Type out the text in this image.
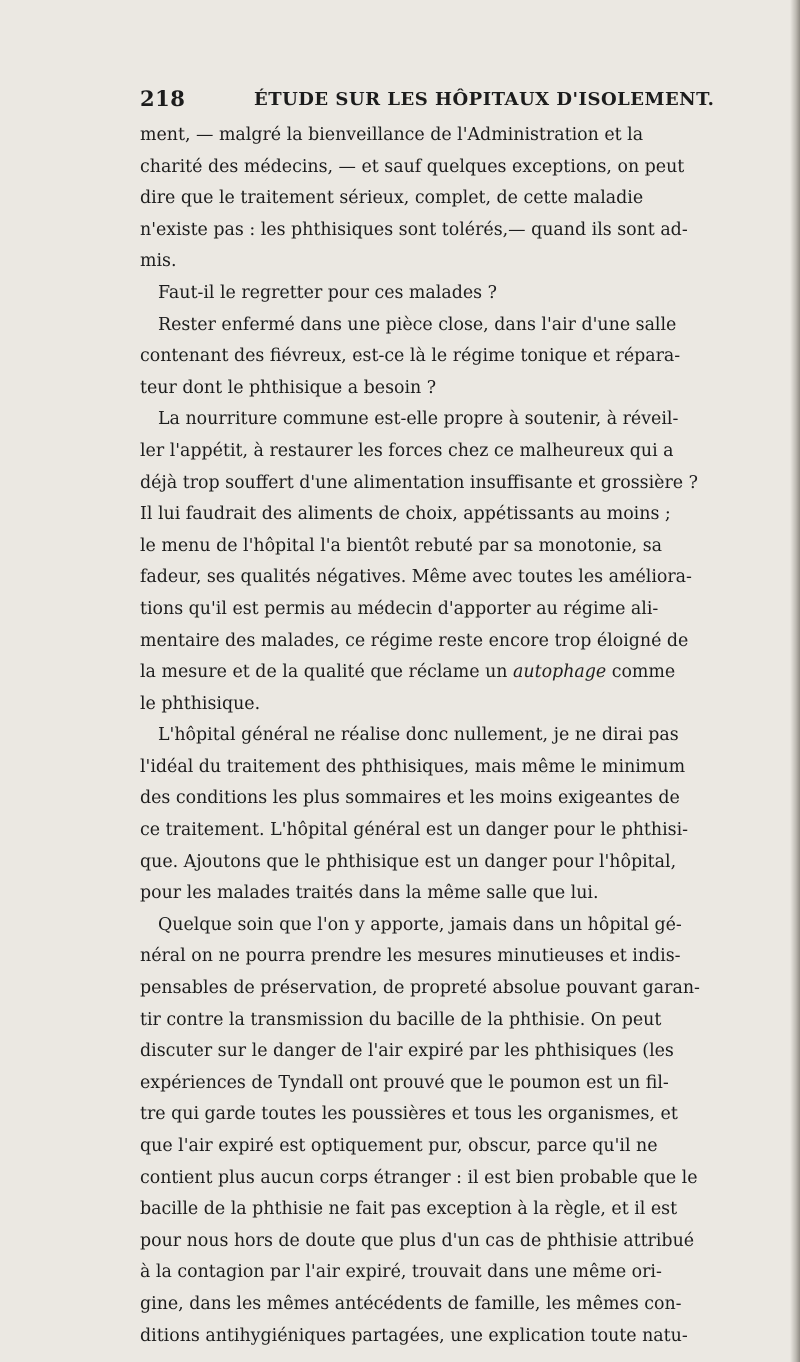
218	ÉTUDE SUR LES HÔPITAUX D'ISOLEMENT.
ment, — malgré la bienveillance de l'Administration et la
charité des médecins, — et sauf quelques exceptions, on peut
dire que le traitement sérieux, complet, de cette maladie
n'existe pas : les phthisiques sont tolérés,— quand ils sont ad-
mis.
Faut-il le regretter pour ces malades ?
Rester enfermé dans une pièce close, dans l'air d'une salle
contenant des fiévreux, est-ce là le régime tonique et répara-
teur dont le phthisique a besoin ?
La nourriture commune est-elle propre à soutenir, à réveil-
ler l'appétit, à restaurer les forces chez ce malheureux qui a
déjà trop souffert d'une alimentation insuffisante et grossière ?
Il lui faudrait des aliments de choix, appétissants au moins ;
le menu de l'hôpital l'a bientôt rebuté par sa monotonie, sa
fadeur, ses qualités négatives. Même avec toutes les améliora-
tions qu'il est permis au médecin d'apporter au régime ali-
mentaire des malades, ce régime reste encore trop éloigné de
la mesure et de la qualité que réclame un autophage comme
le phthisique.
L'hôpital général ne réalise donc nullement, je ne dirai pas
l'idéal du traitement des phthisiques, mais même le minimum
des conditions les plus sommaires et les moins exigeantes de
ce traitement. L'hôpital général est un danger pour le phthisi-
que. Ajoutons que le phthisique est un danger pour l'hôpital,
pour les malades traités dans la même salle que lui.
Quelque soin que l'on y apporte, jamais dans un hôpital gé-
néral on ne pourra prendre les mesures minutieuses et indis-
pensables de préservation, de propreté absolue pouvant garan-
tir contre la transmission du bacille de la phthisie. On peut
discuter sur le danger de l'air expiré par les phthisiques (les
expériences de Tyndall ont prouvé que le poumon est un fil-
tre qui garde toutes les poussières et tous les organismes, et
que l'air expiré est optiquement pur, obscur, parce qu'il ne
contient plus aucun corps étranger : il est bien probable que le
bacille de la phthisie ne fait pas exception à la règle, et il est
pour nous hors de doute que plus d'un cas de phthisie attribué
à la contagion par l'air expiré, trouvait dans une même ori-
gine, dans les mêmes antécédents de famille, les mêmes con-
ditions antihygiéniques partagées, une explication toute natu-
